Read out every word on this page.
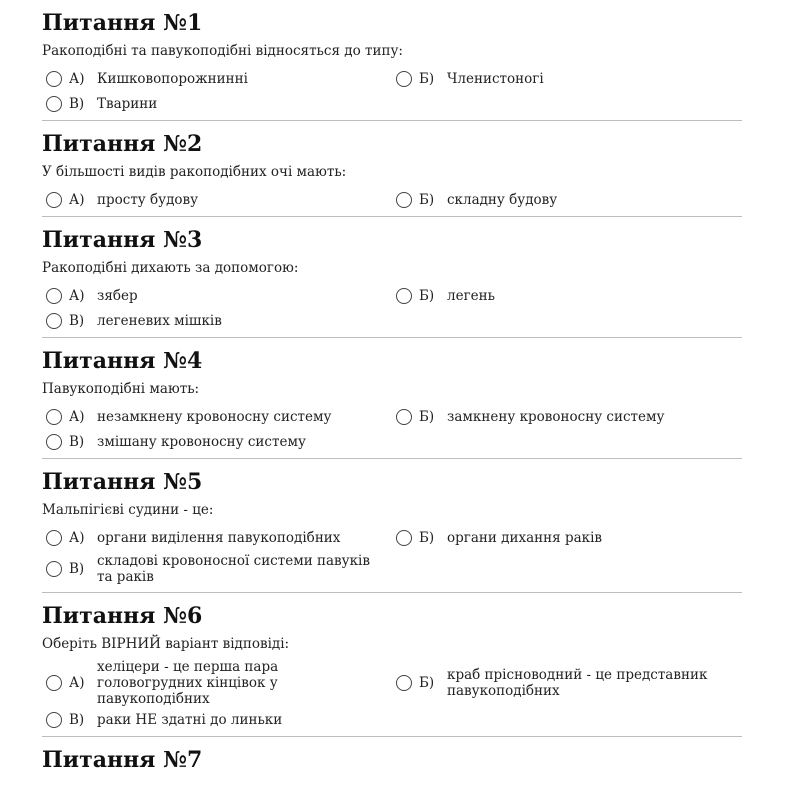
Питання №1
Ракоподібні та павукоподібні відносяться до типу:
А) Кишковопорожнинні	Б) Членистоногі
В) Тварини
Питання №2
У більшості видів ракоподібних очі мають:
А) просту будову	Б) складну будову
Питання №3
Ракоподібні дихають за допомогою:
А) зябер	Б) легень
В) легеневих мішків
Питання №4
Павукоподібні мають:
А) незамкнену кровоносну систему	Б) замкнену кровоносну систему
В) змішану кровоносну систему
Питання №5
Мальпігієві судини - це:
А) органи виділення павукоподібних	Б) органи дихання раків
В) складові кровоносної системи павуків та раків
Питання №6
Оберіть ВІРНИЙ варіант відповіді:
А)
хеліцери - це перша пара головогрудних кінцівок у павукоподібних
Б) краб прісноводний - це представник павукоподібних
В) раки НЕ здатні до линьки
Питання №7
